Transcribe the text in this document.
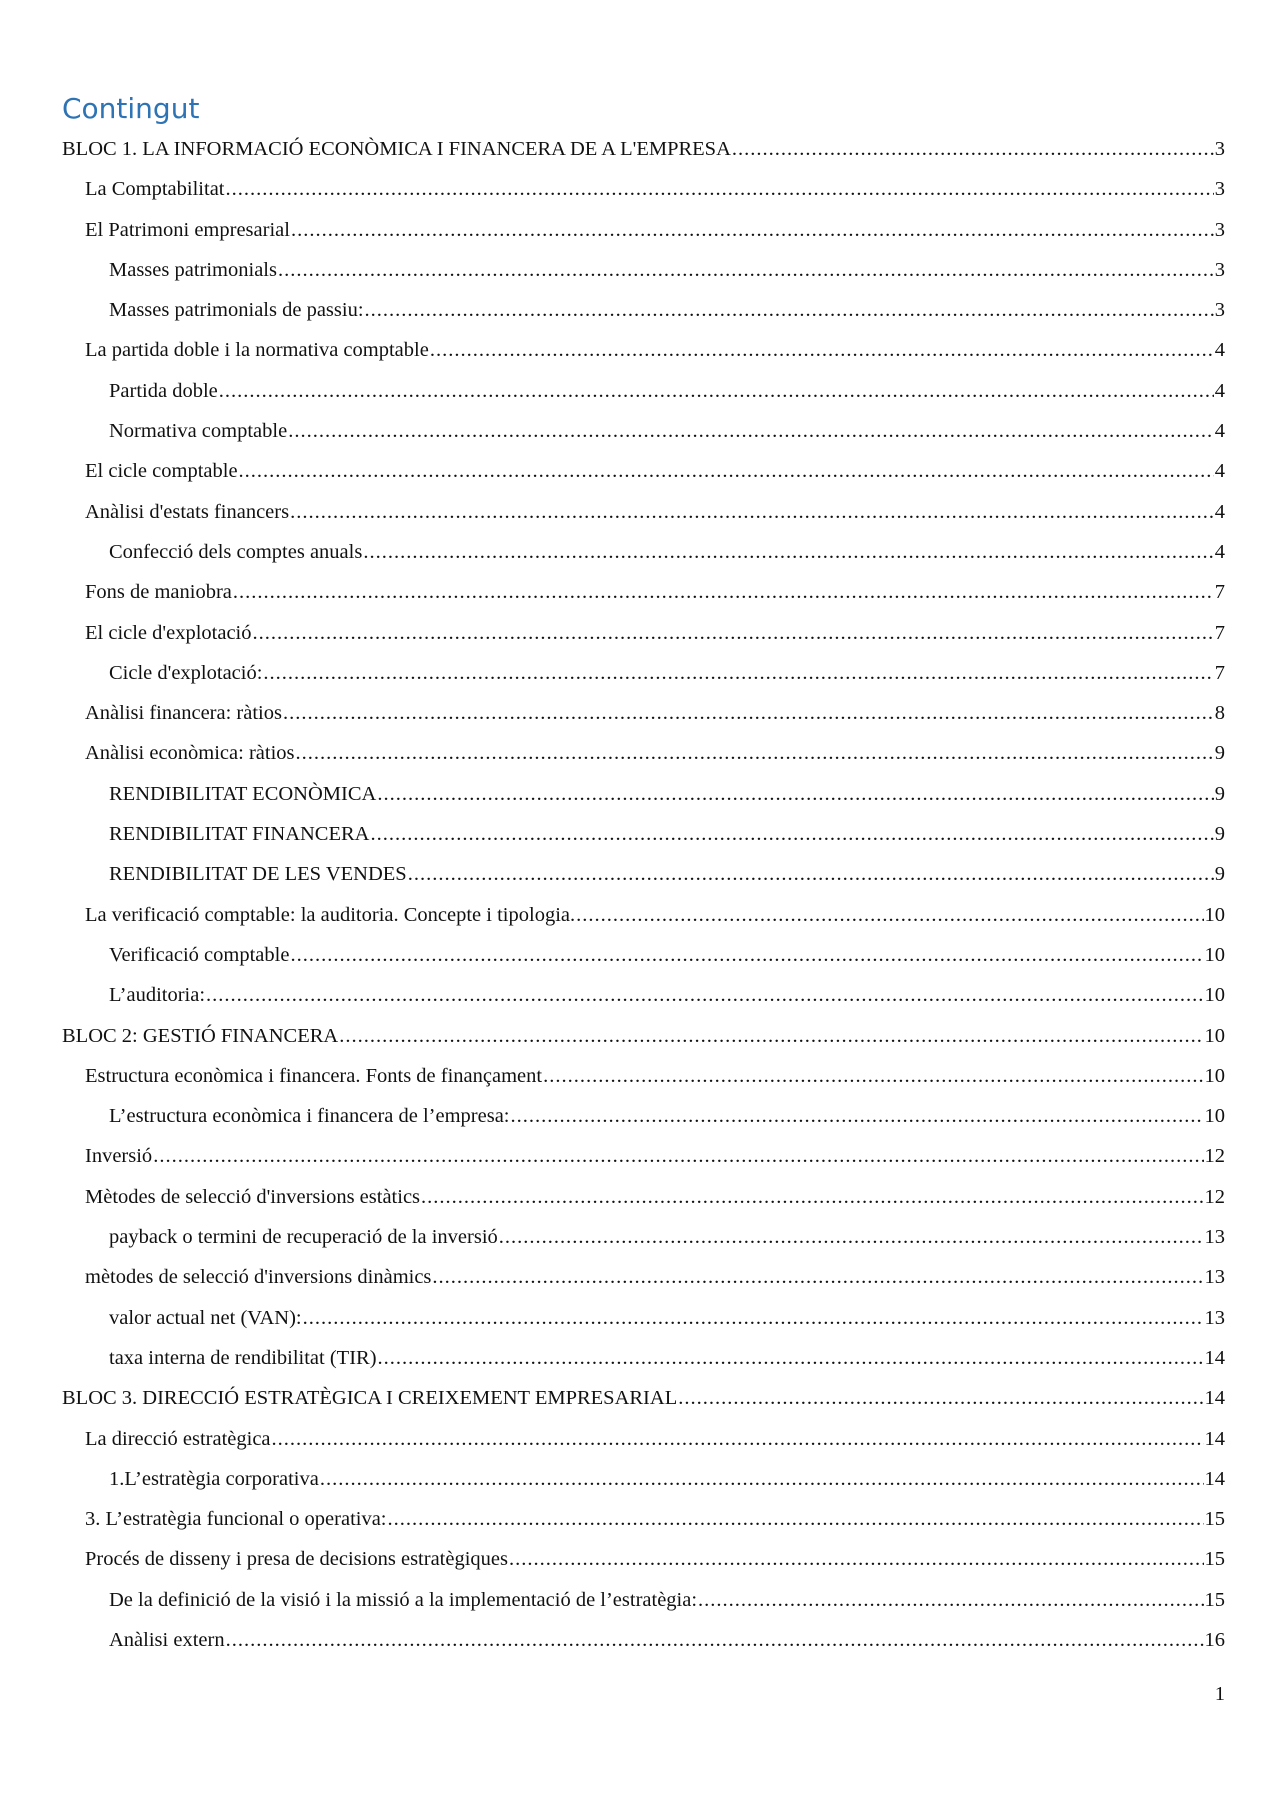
Contingut
BLOC 1. LA INFORMACIÓ ECONÒMICA I FINANCERA DE A L'EMPRESA .....	3
La Comptabilitat .....	3
El Patrimoni empresarial .....	3
Masses patrimonials .....	3
Masses patrimonials de passiu: .....	3
La partida doble i la normativa comptable .....	4
Partida doble .....	4
Normativa comptable .....	4
El cicle comptable .....	4
Anàlisi d'estats financers .....	4
Confecció dels comptes anuals .....	4
Fons de maniobra .....	7
El cicle d'explotació .....	7
Cicle d'explotació: .....	7
Anàlisi financera: ràtios .....	8
Anàlisi econòmica: ràtios .....	9
RENDIBILITAT ECONÒMICA .....	9
RENDIBILITAT FINANCERA .....	9
RENDIBILITAT DE LES VENDES .....	9
La verificació comptable: la auditoria. Concepte i tipologia. .....	10
Verificació comptable .....	10
L’auditoria: .....	10
BLOC 2: GESTIÓ FINANCERA .....	10
Estructura econòmica i financera. Fonts de finançament .....	10
L’estructura econòmica i financera de l’empresa: .....	10
Inversió .....	12
Mètodes de selecció d'inversions estàtics .....	12
payback o termini de recuperació de la inversió .....	13
mètodes de selecció d'inversions dinàmics .....	13
valor actual net (VAN): .....	13
taxa interna de rendibilitat (TIR) .....	14
BLOC 3. DIRECCIÓ ESTRATÈGICA I CREIXEMENT EMPRESARIAL .....	14
La direcció estratègica .....	14
1.L’estratègia corporativa .....	14
3. L’estratègia funcional o operativa: .....	15
Procés de disseny i presa de decisions estratègiques .....	15
De la definició de la visió i la missió a la implementació de l’estratègia: .....	15
Anàlisi extern .....	16
1
